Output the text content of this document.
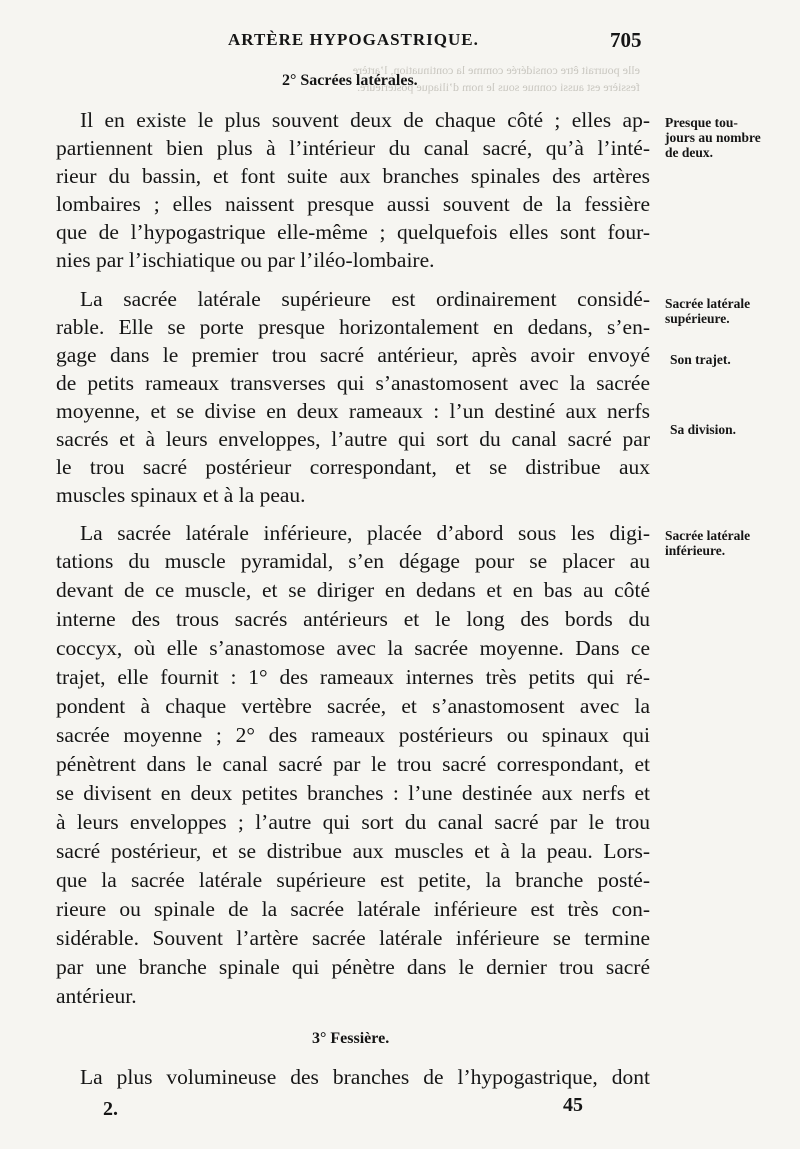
elle pourrait être considérée comme la continuation, l’artère
fessière est aussi connue sous le nom d’iliaque postérieure.
ARTÈRE HYPOGASTRIQUE.	705
2° Sacrées latérales.
Il en existe le plus souvent deux de chaque côté ; elles ap-
partiennent bien plus à l’intérieur du canal sacré, qu’à l’inté-
rieur du bassin, et font suite aux branches spinales des artères
lombaires ; elles naissent presque aussi souvent de la fessière
que de l’hypogastrique elle-même ; quelquefois elles sont four-
nies par l’ischiatique ou par l’iléo-lombaire.
La sacrée latérale supérieure est ordinairement considé-
rable. Elle se porte presque horizontalement en dedans, s’en-
gage dans le premier trou sacré antérieur, après avoir envoyé
de petits rameaux transverses qui s’anastomosent avec la sacrée
moyenne, et se divise en deux rameaux : l’un destiné aux nerfs
sacrés et à leurs enveloppes, l’autre qui sort du canal sacré par
le trou sacré postérieur correspondant, et se distribue aux
muscles spinaux et à la peau.
La sacrée latérale inférieure, placée d’abord sous les digi-
tations du muscle pyramidal, s’en dégage pour se placer au
devant de ce muscle, et se diriger en dedans et en bas au côté
interne des trous sacrés antérieurs et le long des bords du
coccyx, où elle s’anastomose avec la sacrée moyenne. Dans ce
trajet, elle fournit : 1° des rameaux internes très petits qui ré-
pondent à chaque vertèbre sacrée, et s’anastomosent avec la
sacrée moyenne ; 2° des rameaux postérieurs ou spinaux qui
pénètrent dans le canal sacré par le trou sacré correspondant, et
se divisent en deux petites branches : l’une destinée aux nerfs et
à leurs enveloppes ; l’autre qui sort du canal sacré par le trou
sacré postérieur, et se distribue aux muscles et à la peau. Lors-
que la sacrée latérale supérieure est petite, la branche posté-
rieure ou spinale de la sacrée latérale inférieure est très con-
sidérable. Souvent l’artère sacrée latérale inférieure se termine
par une branche spinale qui pénètre dans le dernier trou sacré
antérieur.
3° Fessière.
La plus volumineuse des branches de l’hypogastrique, dont
Presque tou-
jours au nombre
de deux.
Sacrée latérale
supérieure.
Son trajet.
Sa division.
Sacrée latérale
inférieure.
2.	45
